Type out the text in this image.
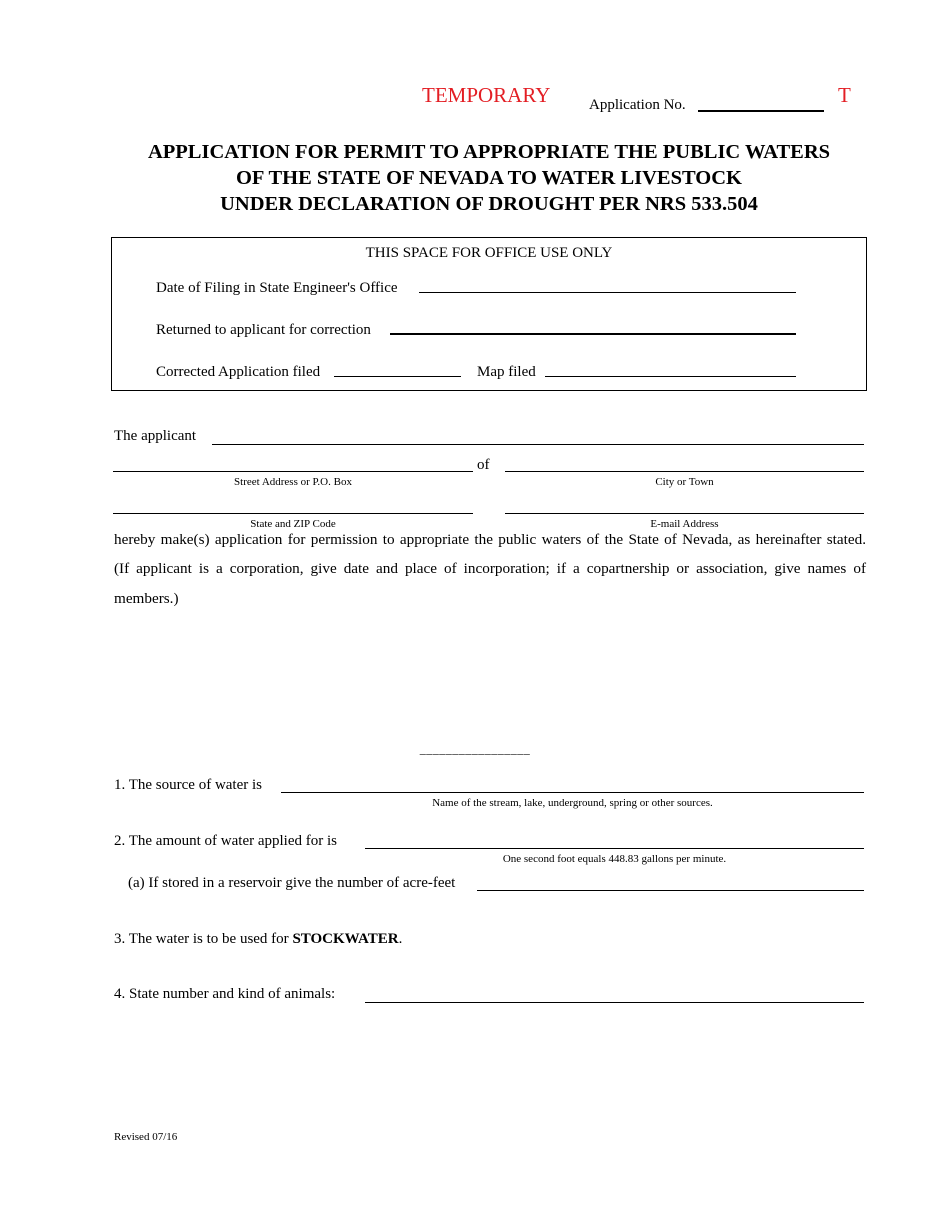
TEMPORARY	Application No.	T
APPLICATION FOR PERMIT TO APPROPRIATE THE PUBLIC WATERS
OF THE STATE OF NEVADA TO WATER LIVESTOCK
UNDER DECLARATION OF DROUGHT PER NRS 533.504
THIS SPACE FOR OFFICE USE ONLY
Date of Filing in State Engineer's Office
Returned to applicant for correction
Corrected Application filed	Map filed
The applicant
of
Street Address or P.O. Box	City or Town
State and ZIP Code	E-mail Address
hereby make(s) application for permission to appropriate the public waters of the State of Nevada, as hereinafter stated.
(If applicant is a corporation, give date and place of incorporation; if a copartnership or association, give names of
members.)
_________________
1. The source of water is
Name of the stream, lake, underground, spring or other sources.
2. The amount of water applied for is
One second foot equals 448.83 gallons per minute.
(a) If stored in a reservoir give the number of acre-feet
3. The water is to be used for STOCKWATER.
4. State number and kind of animals:
Revised 07/16
